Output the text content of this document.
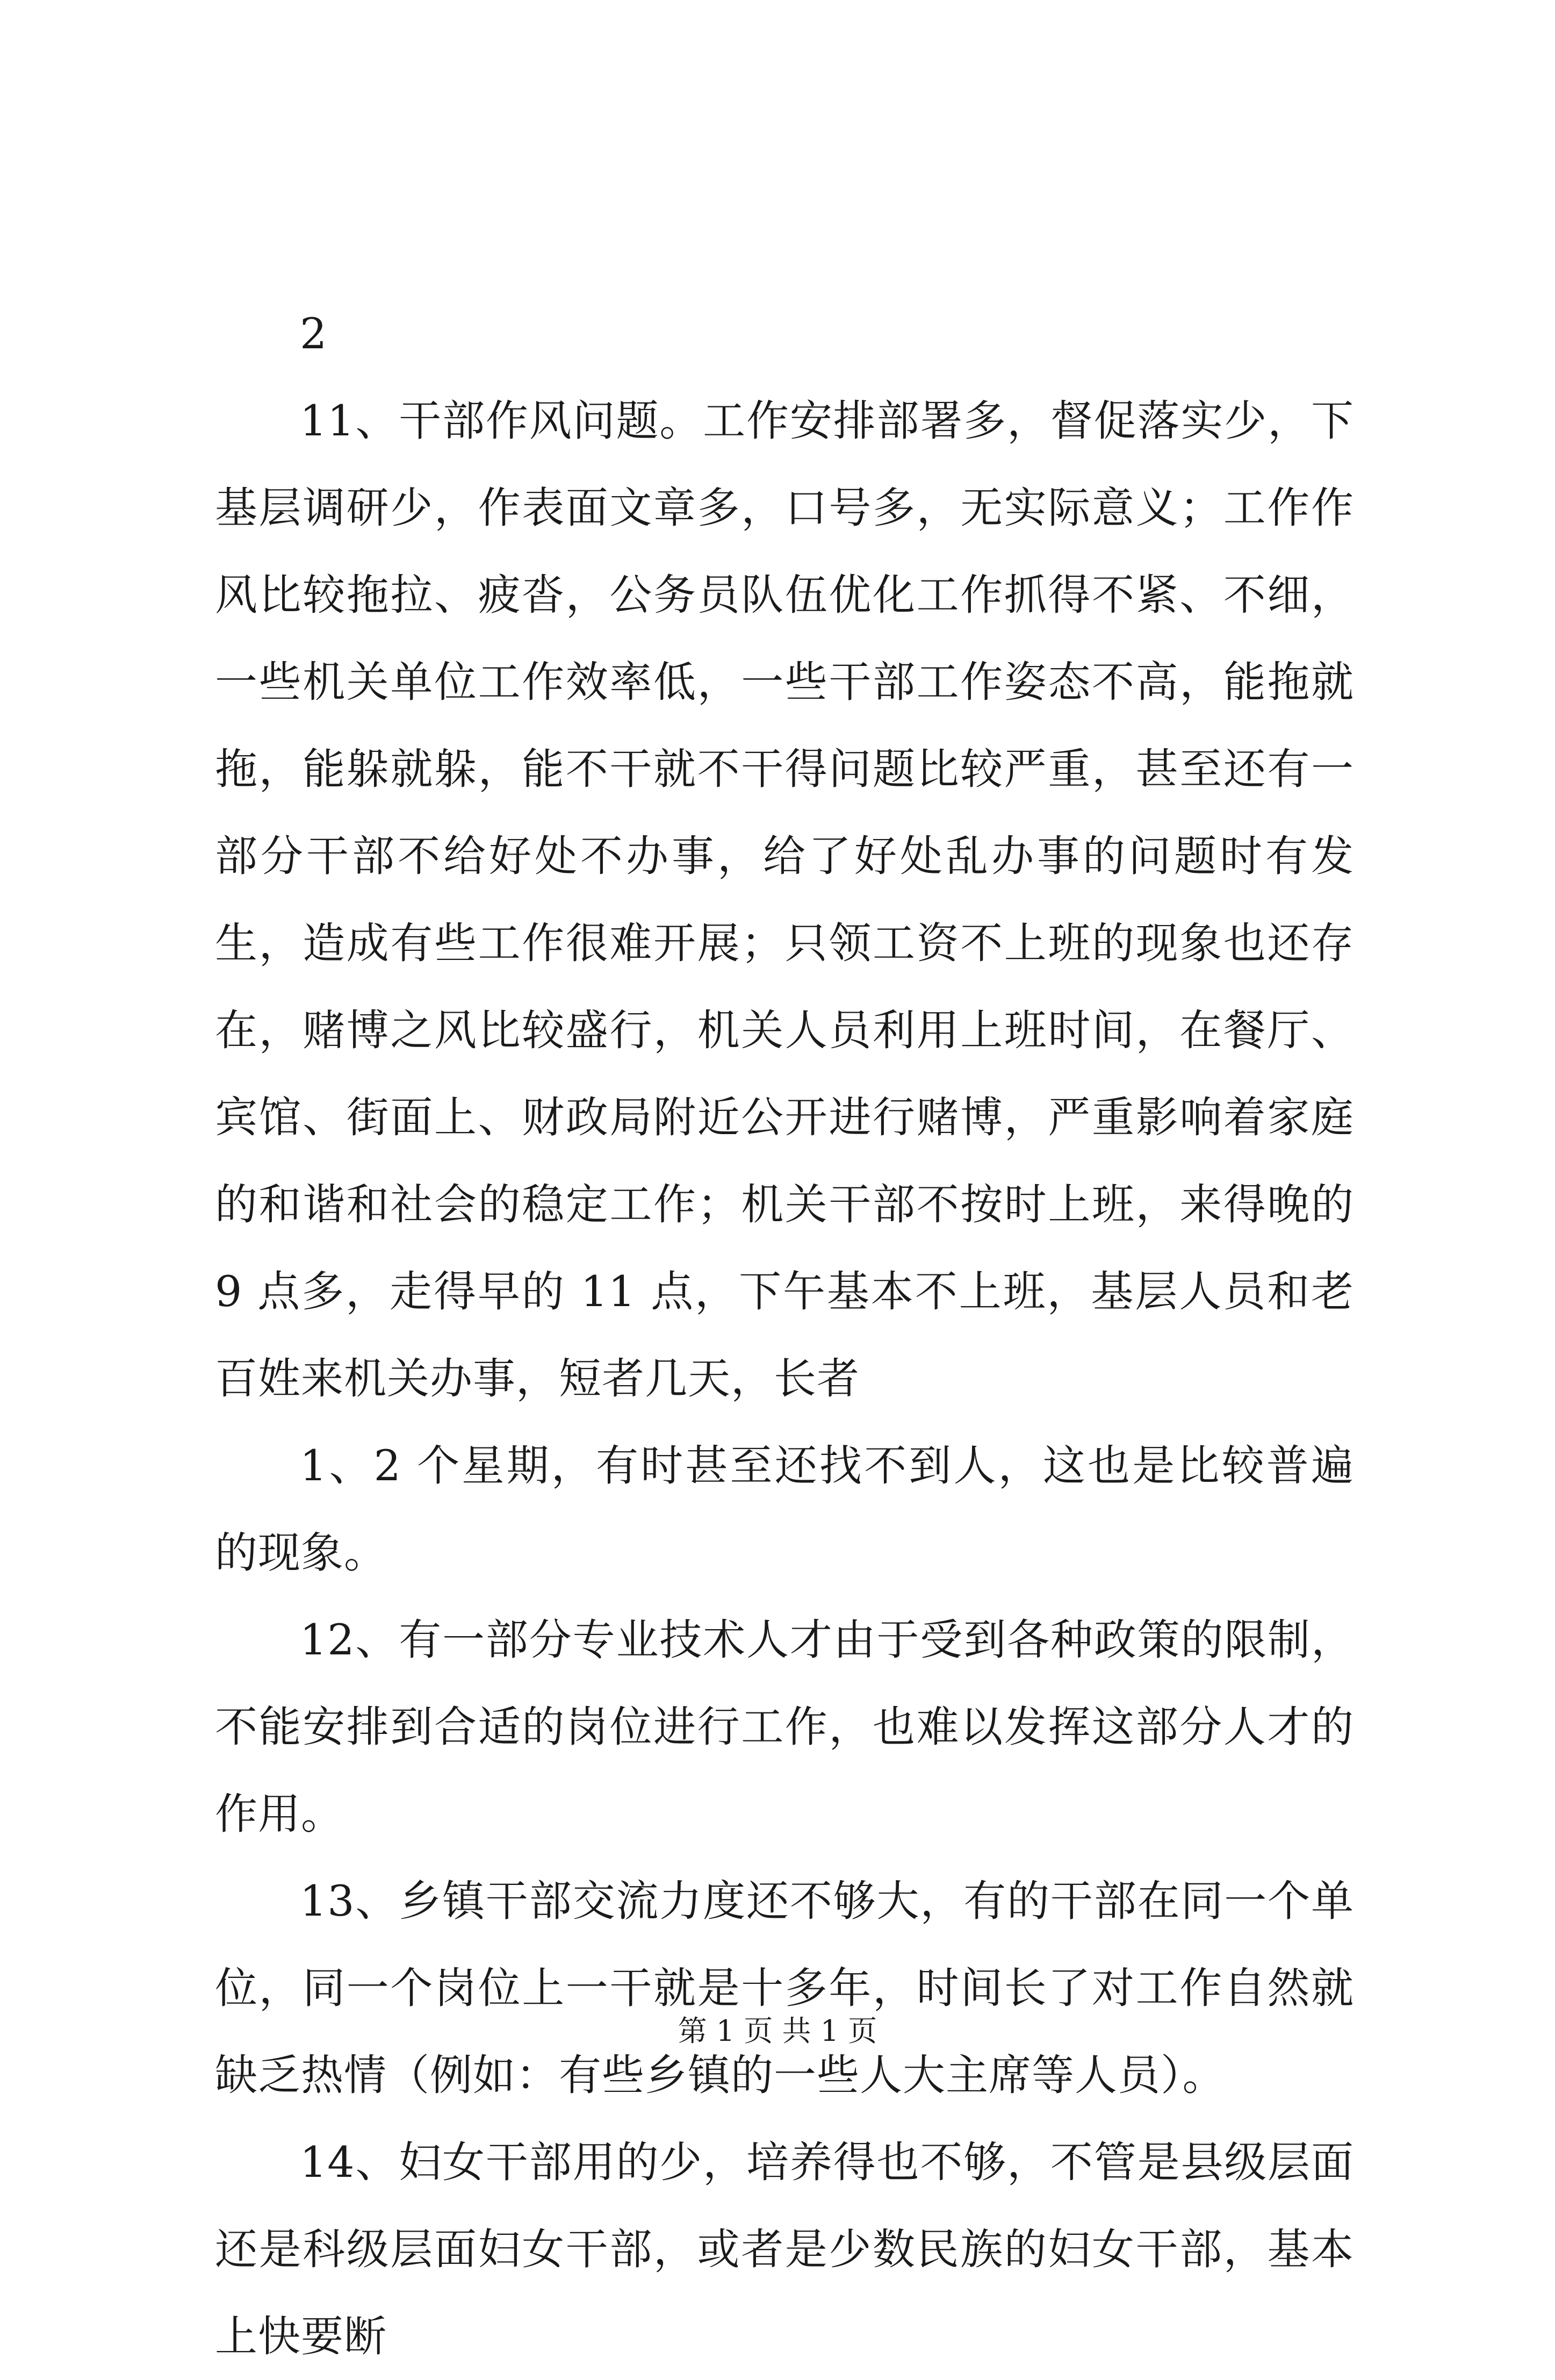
2

11、干部作风问题。工作安排部署多，督促落实少，下基层调研少，作表面文章多，口号多，无实际意义；工作作风比较拖拉、疲沓，公务员队伍优化工作抓得不紧、不细，一些机关单位工作效率低，一些干部工作姿态不高，能拖就拖，能躲就躲，能不干就不干得问题比较严重，甚至还有一部分干部不给好处不办事，给了好处乱办事的问题时有发生，造成有些工作很难开展；只领工资不上班的现象也还存在，赌博之风比较盛行，机关人员利用上班时间，在餐厅、宾馆、街面上、财政局附近公开进行赌博，严重影响着家庭的和谐和社会的稳定工作；机关干部不按时上班，来得晚的 9 点多，走得早的 11 点，下午基本不上班，基层人员和老百姓来机关办事，短者几天，长者

1、2 个星期，有时甚至还找不到人，这也是比较普遍的现象。

12、有一部分专业技术人才由于受到各种政策的限制，不能安排到合适的岗位进行工作，也难以发挥这部分人才的作用。

13、乡镇干部交流力度还不够大，有的干部在同一个单位，同一个岗位上一干就是十多年，时间长了对工作自然就缺乏热情（例如：有些乡镇的一些人大主席等人员）。

14、妇女干部用的少，培养得也不够，不管是县级层面还是科级层面妇女干部，或者是少数民族的妇女干部，基本上快要断

第 1 页 共 1 页
